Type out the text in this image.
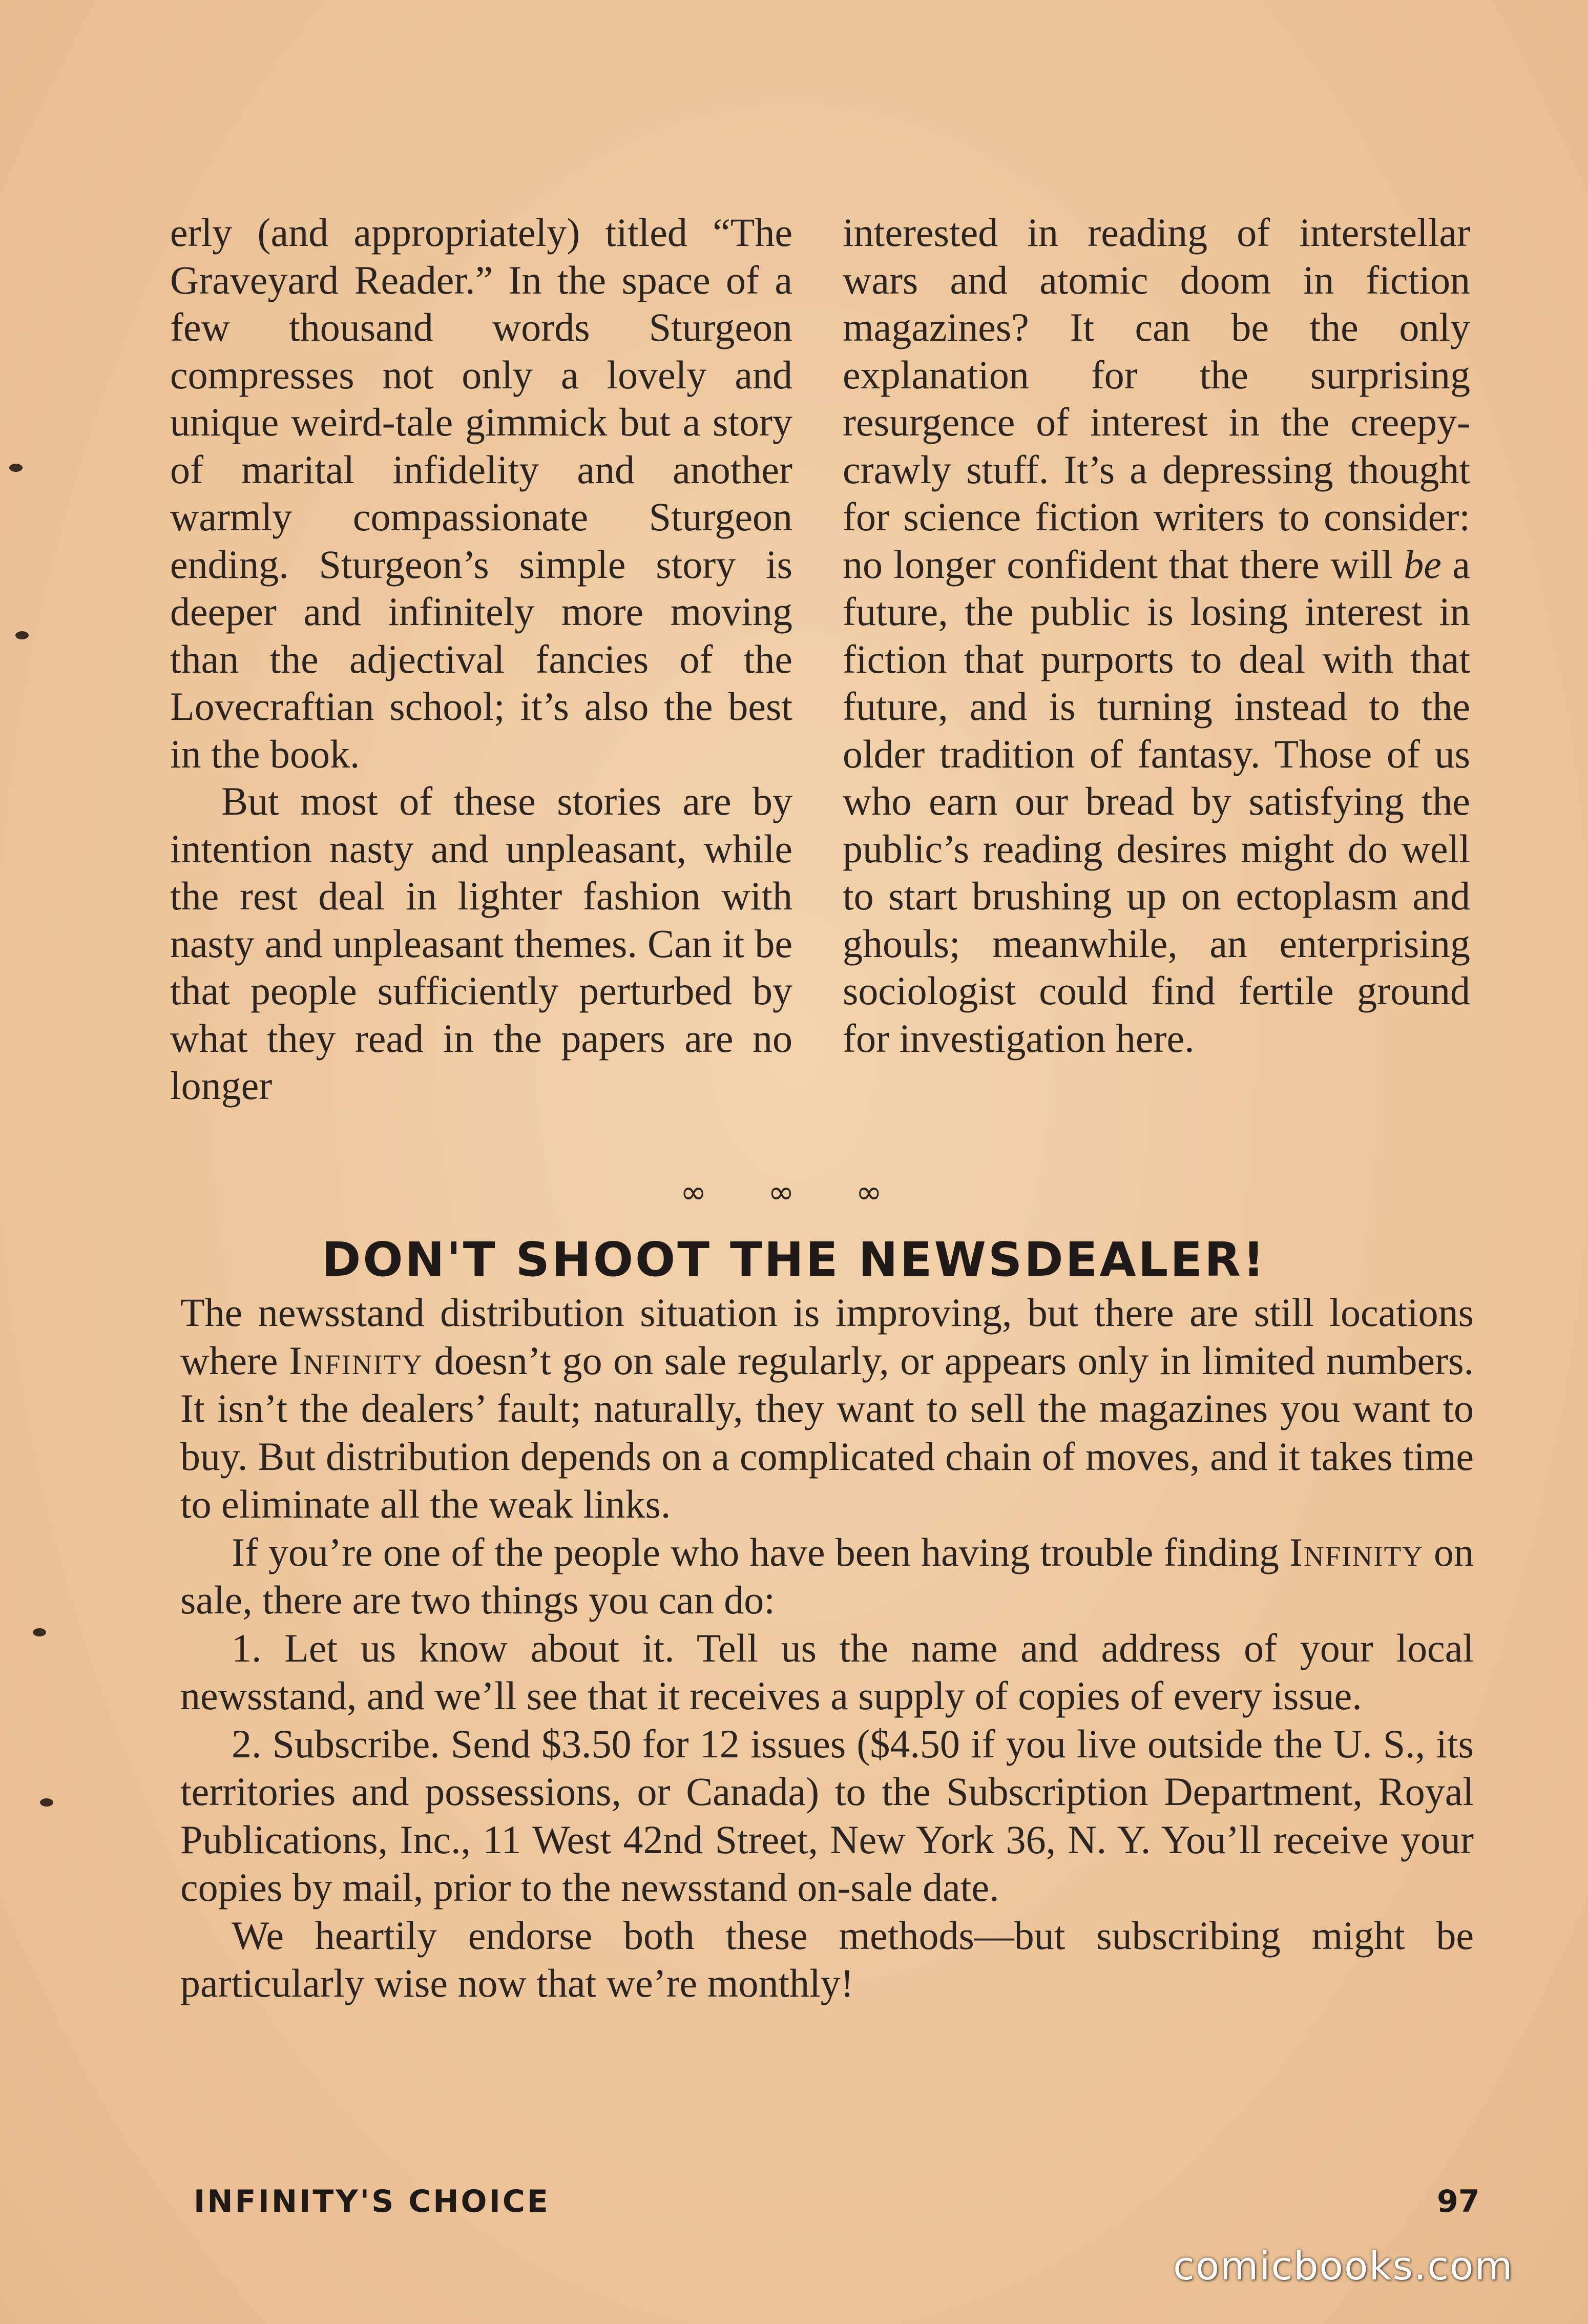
erly (and appropriately) titled “The Graveyard Reader.” In the space of a few thousand words Sturgeon compresses not only a lovely and unique weird-tale gimmick but a story of marital infidelity and another warmly compassionate Sturgeon ending. Sturgeon’s simple story is deeper and infinitely more moving than the adjectival fancies of the Lovecraftian school; it’s also the best in the book.

But most of these stories are by intention nasty and unpleasant, while the rest deal in lighter fashion with nasty and unpleasant themes. Can it be that people sufficiently perturbed by what they read in the papers are no longer

interested in reading of interstellar wars and atomic doom in fiction magazines? It can be the only explanation for the surprising resurgence of interest in the creepy-crawly stuff. It’s a depressing thought for science fiction writers to consider: no longer confident that there will be a future, the public is losing interest in fiction that purports to deal with that future, and is turning instead to the older tradition of fantasy. Those of us who earn our bread by satisfying the public’s reading desires might do well to start brushing up on ectoplasm and ghouls; meanwhile, an enterprising sociologist could find fertile ground for investigation here.

∞ ∞ ∞
DON'T SHOOT THE NEWSDEALER!

The newsstand distribution situation is improving, but there are still locations where Infinity doesn’t go on sale regularly, or appears only in limited numbers. It isn’t the dealers’ fault; naturally, they want to sell the magazines you want to buy. But distribution depends on a complicated chain of moves, and it takes time to eliminate all the weak links.

If you’re one of the people who have been having trouble finding Infinity on sale, there are two things you can do:

1. Let us know about it. Tell us the name and address of your local newsstand, and we’ll see that it receives a supply of copies of every issue.

2. Subscribe. Send $3.50 for 12 issues ($4.50 if you live outside the U. S., its territories and possessions, or Canada) to the Subscription Department, Royal Publications, Inc., 11 West 42nd Street, New York 36, N. Y. You’ll receive your copies by mail, prior to the newsstand on-sale date.

We heartily endorse both these methods—but subscribing might be particularly wise now that we’re monthly!

INFINITY'S CHOICE	97
comicbooks.com
